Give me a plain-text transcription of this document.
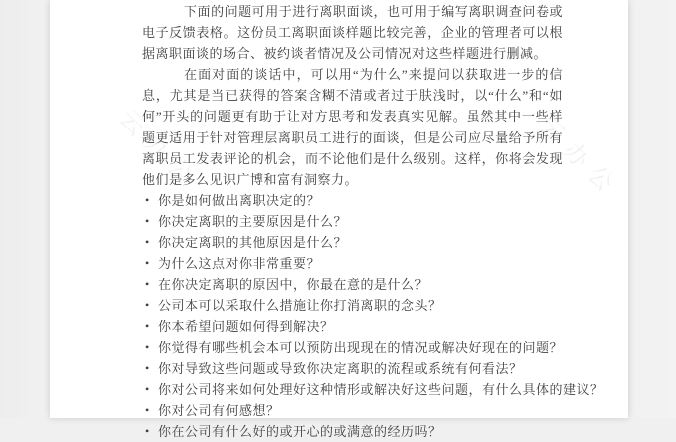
云办公	云办公

下面的问题可用于进行离职面谈，也可用于编写离职调查问卷或电子反馈表格。这份员工离职面谈样题比较完善，企业的管理者可以根据离职面谈的场合、被约谈者情况及公司情况对这些样题进行删减。

在面对面的谈话中，可以用“为什么”来提问以获取进一步的信息，尤其是当已获得的答案含糊不清或者过于肤浅时，以“什么”和“如何”开头的问题更有助于让对方思考和发表真实见解。虽然其中一些样题更适用于针对管理层离职员工进行的面谈，但是公司应尽量给予所有离职员工发表评论的机会，而不论他们是什么级别。这样，你将会发现他们是多么见识广博和富有洞察力。

• 你是如何做出离职决定的？
• 你决定离职的主要原因是什么？
• 你决定离职的其他原因是什么？
• 为什么这点对你非常重要？
• 在你决定离职的原因中，你最在意的是什么？
• 公司本可以采取什么措施让你打消离职的念头？
• 你本希望问题如何得到解决？
• 你觉得有哪些机会本可以预防出现现在的情况或解决好现在的问题？
• 你对导致这些问题或导致你决定离职的流程或系统有何看法？
• 你对公司将来如何处理好这种情形或解决好这些问题，有什么具体的建议？
• 你对公司有何感想？
• 你在公司有什么好的或开心的或满意的经历吗？
